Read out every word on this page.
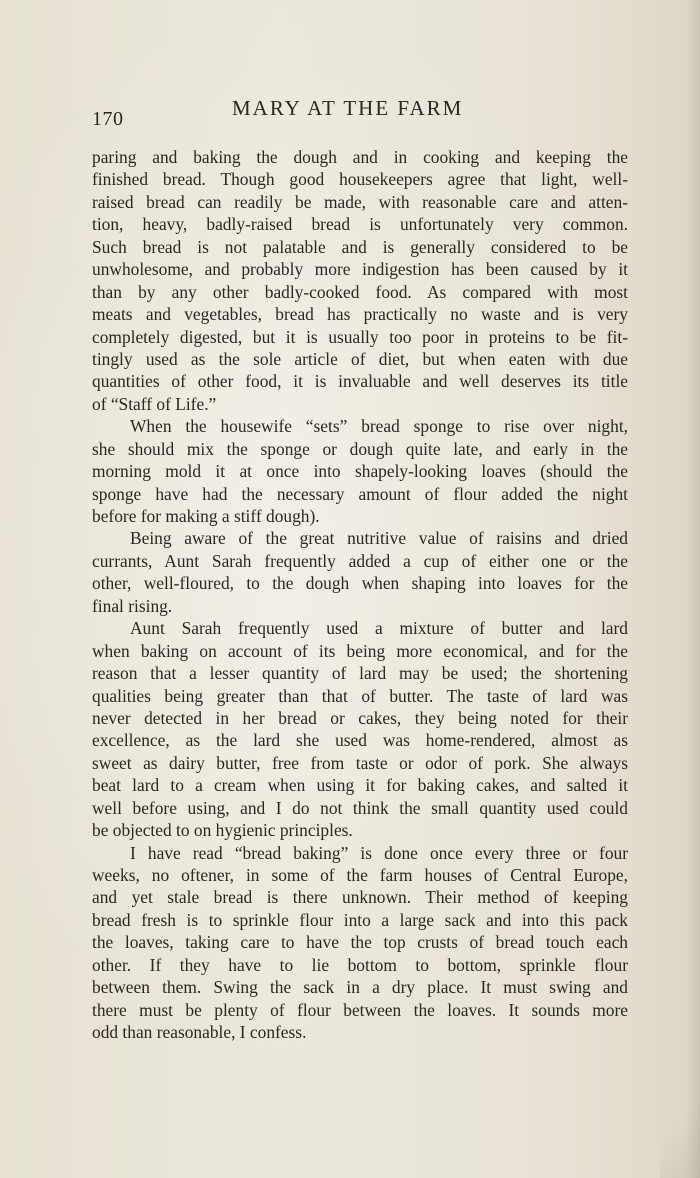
170	MARY AT THE FARM
paring and baking the dough and in cooking and keeping the
finished bread. Though good housekeepers agree that light, well-
raised bread can readily be made, with reasonable care and atten-
tion, heavy, badly-raised bread is unfortunately very common.
Such bread is not palatable and is generally considered to be
unwholesome, and probably more indigestion has been caused by it
than by any other badly-cooked food. As compared with most
meats and vegetables, bread has practically no waste and is very
completely digested, but it is usually too poor in proteins to be fit-
tingly used as the sole article of diet, but when eaten with due
quantities of other food, it is invaluable and well deserves its title
of “Staff of Life.”
When the housewife “sets” bread sponge to rise over night,
she should mix the sponge or dough quite late, and early in the
morning mold it at once into shapely-looking loaves (should the
sponge have had the necessary amount of flour added the night
before for making a stiff dough).
Being aware of the great nutritive value of raisins and dried
currants, Aunt Sarah frequently added a cup of either one or the
other, well-floured, to the dough when shaping into loaves for the
final rising.
Aunt Sarah frequently used a mixture of butter and lard
when baking on account of its being more economical, and for the
reason that a lesser quantity of lard may be used; the shortening
qualities being greater than that of butter. The taste of lard was
never detected in her bread or cakes, they being noted for their
excellence, as the lard she used was home-rendered, almost as
sweet as dairy butter, free from taste or odor of pork. She always
beat lard to a cream when using it for baking cakes, and salted it
well before using, and I do not think the small quantity used could
be objected to on hygienic principles.
I have read “bread baking” is done once every three or four
weeks, no oftener, in some of the farm houses of Central Europe,
and yet stale bread is there unknown. Their method of keeping
bread fresh is to sprinkle flour into a large sack and into this pack
the loaves, taking care to have the top crusts of bread touch each
other. If they have to lie bottom to bottom, sprinkle flour
between them. Swing the sack in a dry place. It must swing and
there must be plenty of flour between the loaves. It sounds more
odd than reasonable, I confess.
